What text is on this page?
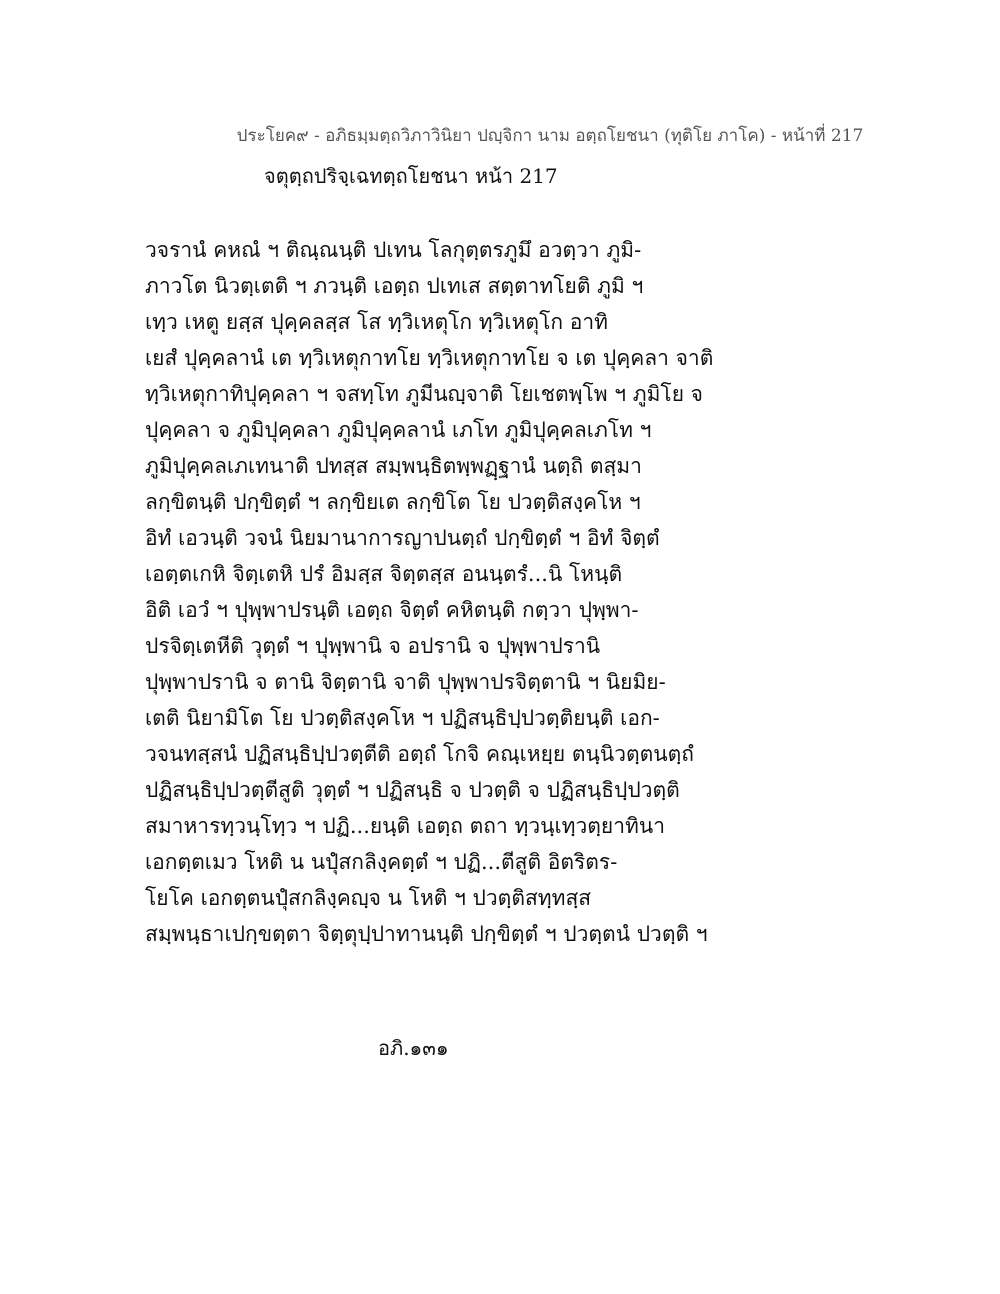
ประโยค๙ - อภิธมฺมตฺถวิภาวินิยา ปญฺจิกา นาม อตฺถโยชนา (ทุติโย ภาโค) - หน้าที่ 217
จตุตฺถปริจฺเฉทตฺถโยชนา หน้า 217
วจรานํ คหณํ ฯ ติณฺณนฺติ ปเทน โลกุตฺตรภูมึ อวตฺวา ภูมิ-
ภาวโต นิวตฺเตติ ฯ ภวนฺติ เอตฺถ ปเทเส สตฺตาทโยติ ภูมิ ฯ
เทฺว เหตู ยสฺส ปุคฺคลสฺส โส ทฺวิเหตุโก ทฺวิเหตุโก อาทิ
เยสํ ปุคฺคลานํ เต ทฺวิเหตุกาทโย ทฺวิเหตุกาทโย จ เต ปุคฺคลา จาติ
ทฺวิเหตุกาทิปุคฺคลา ฯ จสทฺโท ภูมีนญฺจาติ โยเชตพฺโพ ฯ ภูมิโย จ
ปุคฺคลา จ ภูมิปุคฺคลา ภูมิปุคฺคลานํ เภโท ภูมิปุคฺคลเภโท ฯ
ภูมิปุคฺคลเภเทนาติ ปทสฺส สมฺพนฺธิตพฺพฏฺฐานํ นตฺถิ ตสฺมา
ลกฺขิตนฺติ ปกฺขิตฺตํ ฯ ลกฺขิยเต ลกฺขิโต โย ปวตฺติสงฺคโห ฯ
อิทํ เอวนฺติ วจนํ นิยมานาการญาปนตฺถํ ปกฺขิตฺตํ ฯ อิทํ จิตฺตํ
เอตฺตเกหิ จิตฺเตหิ ปรํ อิมสฺส จิตฺตสฺส อนนฺตรํ...นิ โหนฺติ
อิติ เอวํ ฯ ปุพฺพาปรนฺติ เอตฺถ จิตฺตํ คหิตนฺติ กตฺวา ปุพฺพา-
ปรจิตฺเตหีติ วุตฺตํ ฯ ปุพฺพานิ จ อปรานิ จ ปุพฺพาปรานิ
ปุพฺพาปรานิ จ ตานิ จิตฺตานิ จาติ ปุพฺพาปรจิตฺตานิ ฯ นิยมิย-
เตติ นิยามิโต โย ปวตฺติสงฺคโห ฯ ปฏิสนฺธิปฺปวตฺติยนฺติ เอก-
วจนทสฺสนํ ปฏิสนฺธิปฺปวตฺตีติ อตฺถํ โกจิ คณฺเหยฺย ตนฺนิวตฺตนตฺถํ
ปฏิสนฺธิปฺปวตฺตีสูติ วุตฺตํ ฯ ปฏิสนฺธิ จ ปวตฺติ จ ปฏิสนฺธิปฺปวตฺติ
สมาหารทฺวนฺโทฺว ฯ ปฏิ...ยนฺติ เอตฺถ ตถา ทฺวนฺเทฺวตฺยาทินา
เอกตฺตเมว โหติ น นปุํสกลิงฺคตฺตํ ฯ ปฏิ...ตีสูติ อิตริตร-
โยโค เอกตฺตนปุํสกลิงฺคญฺจ น โหติ ฯ ปวตฺติสทฺทสฺส
สมฺพนฺธาเปกฺขตฺตา จิตฺตุปฺปาทานนฺติ ปกฺขิตฺตํ ฯ ปวตฺตนํ ปวตฺติ ฯ
อภิ.๑๓๑
